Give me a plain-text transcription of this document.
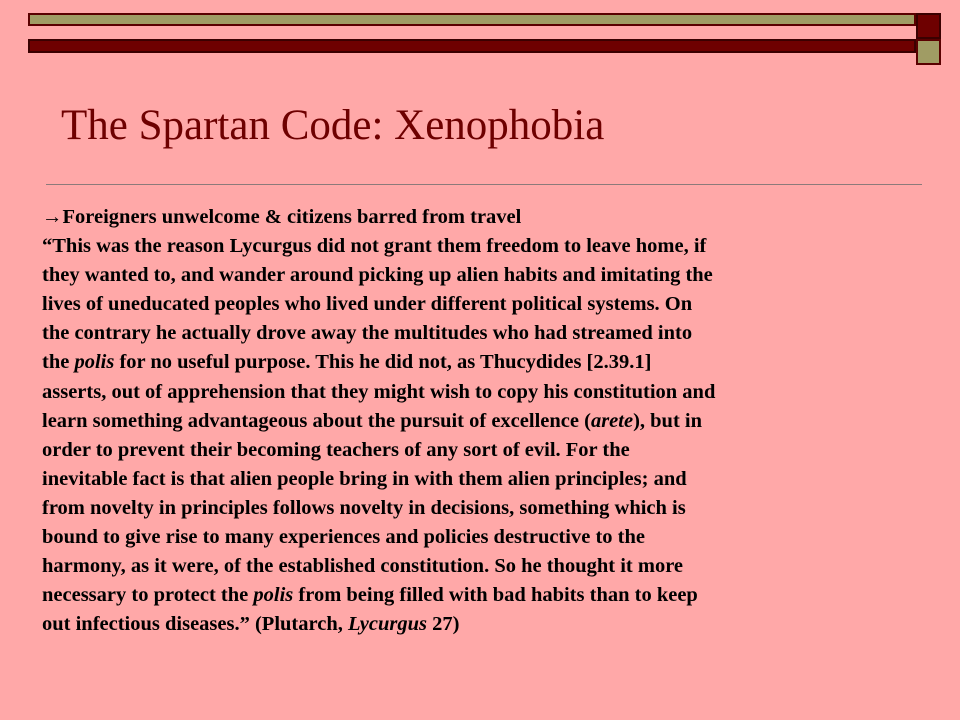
The Spartan Code: Xenophobia
→Foreigners unwelcome & citizens barred from travel
“This was the reason Lycurgus did not grant them freedom to leave home, if
they wanted to, and wander around picking up alien habits and imitating the
lives of uneducated peoples who lived under different political systems. On
the contrary he actually drove away the multitudes who had streamed into
the polis for no useful purpose. This he did not, as Thucydides [2.39.1]
asserts, out of apprehension that they might wish to copy his constitution and
learn something advantageous about the pursuit of excellence (arete), but in
order to prevent their becoming teachers of any sort of evil. For the
inevitable fact is that alien people bring in with them alien principles; and
from novelty in principles follows novelty in decisions, something which is
bound to give rise to many experiences and policies destructive to the
harmony, as it were, of the established constitution. So he thought it more
necessary to protect the polis from being filled with bad habits than to keep
out infectious diseases.” (Plutarch, Lycurgus 27)
